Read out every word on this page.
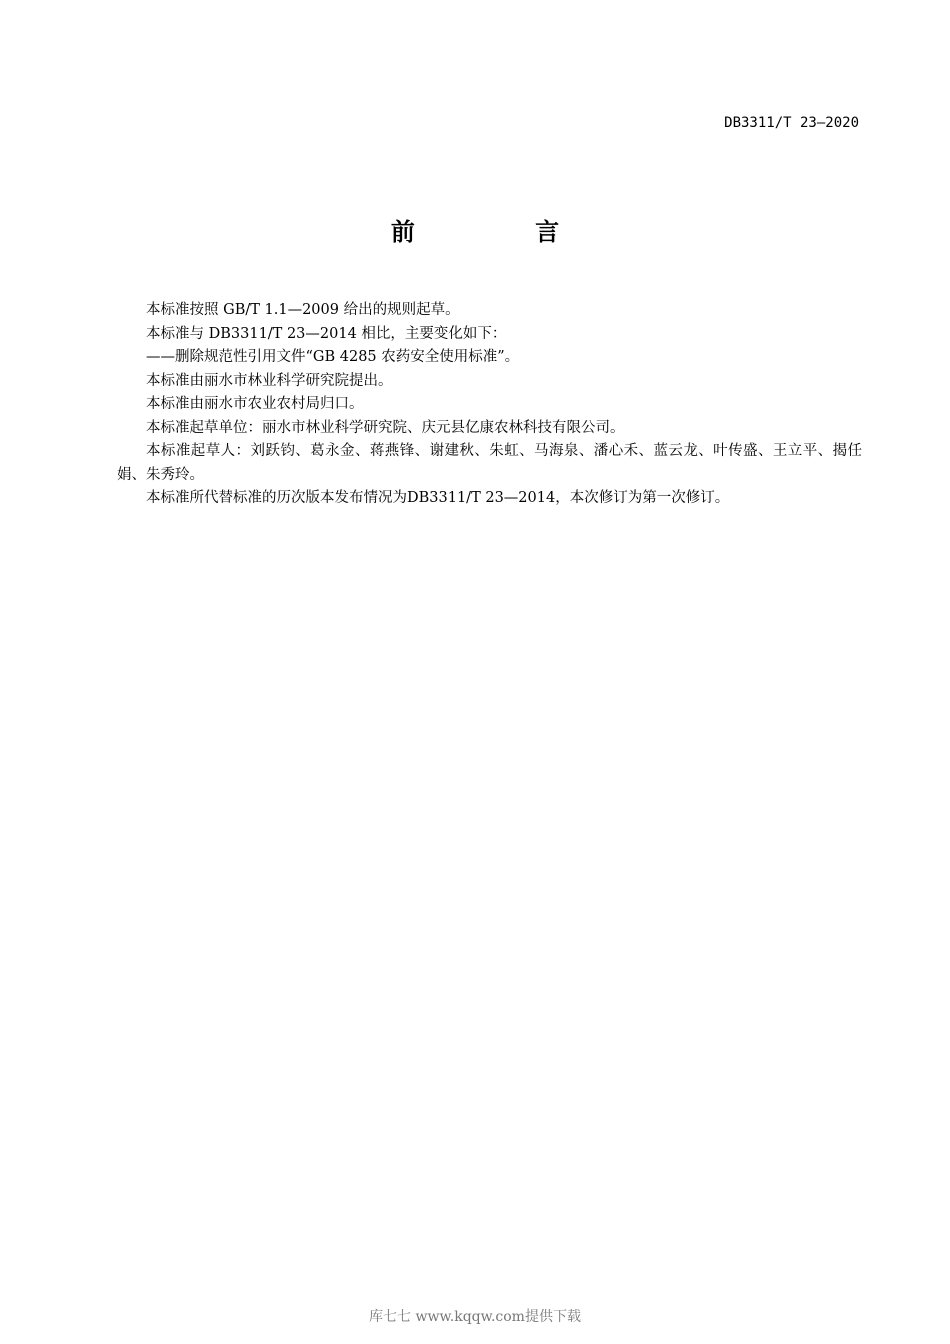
DB3311/T 23—2020
前 言

本标准按照 GB/T 1.1—2009 给出的规则起草。

本标准与 DB3311/T 23—2014 相比，主要变化如下：

——删除规范性引用文件“GB 4285 农药安全使用标准”。

本标准由丽水市林业科学研究院提出。

本标准由丽水市农业农村局归口。

本标准起草单位：丽水市林业科学研究院、庆元县亿康农林科技有限公司。

本标准起草人：刘跃钧、葛永金、蒋燕锋、谢建秋、朱虹、马海泉、潘心禾、蓝云龙、叶传盛、王立平、揭任娟、朱秀玲。

本标准所代替标准的历次版本发布情况为DB3311/T 23—2014，本次修订为第一次修订。

库七七 www.kqqw.com提供下载
